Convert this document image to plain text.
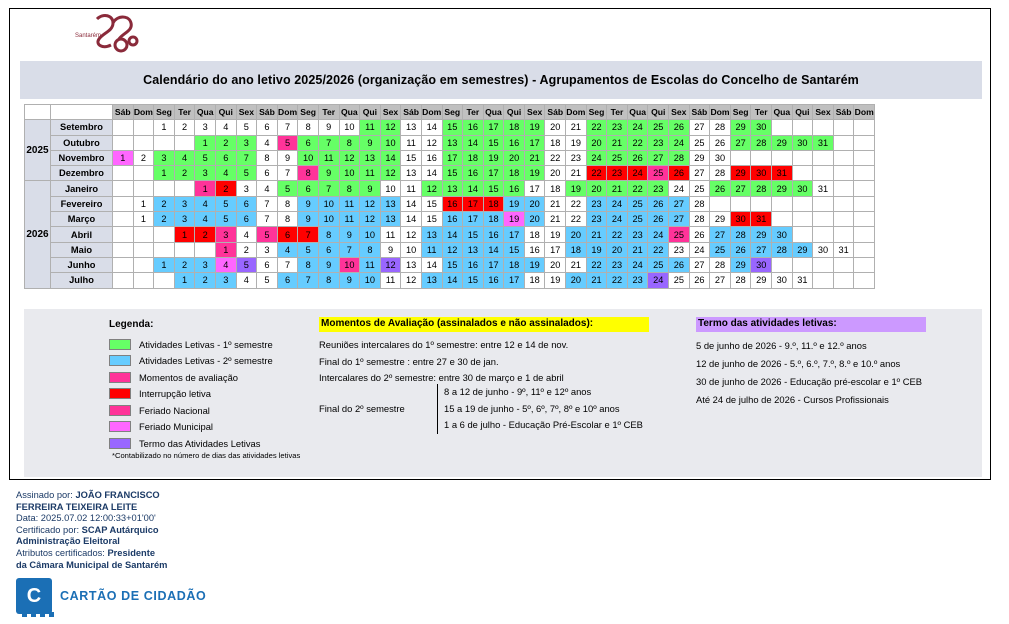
Santarém
Calendário do ano letivo 2025/2026 (organização em semestres) - Agrupamentos de Escolas do Concelho de Santarém
		Sáb	Dom	Seg	Ter	Qua	Qui	Sex	Sáb	Dom	Seg	Ter	Qua	Qui	Sex	Sáb	Dom	Seg	Ter	Qua	Qui	Sex	Sáb	Dom	Seg	Ter	Qua	Qui	Sex	Sáb	Dom	Seg	Ter	Qua	Qui	Sex	Sáb	Dom
2025	Setembro			1	2	3	4	5	6	7	8	9	10	11	12	13	14	15	16	17	18	19	20	21	22	23	24	25	26	27	28	29	30					
	Outubro					1	2	3	4	5	6	7	8	9	10	11	12	13	14	15	16	17	18	19	20	21	22	23	24	25	26	27	28	29	30	31		
	Novembro	1	2	3	4	5	6	7	8	9	10	11	12	13	14	15	16	17	18	19	20	21	22	23	24	25	26	27	28	29	30							
	Dezembro			1	2	3	4	5	6	7	8	9	10	11	12	13	14	15	16	17	18	19	20	21	22	23	24	25	26	27	28	29	30	31				
2026	Janeiro					1	2	3	4	5	6	7	8	9	10	11	12	13	14	15	16	17	18	19	20	21	22	23	24	25	26	27	28	29	30	31		
	Fevereiro		1	2	3	4	5	6	7	8	9	10	11	12	13	14	15	16	17	18	19	20	21	22	23	24	25	26	27	28								
	Março		1	2	3	4	5	6	7	8	9	10	11	12	13	14	15	16	17	18	19	20	21	22	23	24	25	26	27	28	29	30	31					
	Abril				1	2	3	4	5	6	7	8	9	10	11	12	13	14	15	16	17	18	19	20	21	22	23	24	25	26	27	28	29	30				
	Maio						1	2	3	4	5	6	7	8	9	10	11	12	13	14	15	16	17	18	19	20	21	22	23	24	25	26	27	28	29	30	31	
	Junho			1	2	3	4	5	6	7	8	9	10	11	12	13	14	15	16	17	18	19	20	21	22	23	24	25	26	27	28	29	30					
	Julho				1	2	3	4	5	6	7	8	9	10	11	12	13	14	15	16	17	18	19	20	21	22	23	24	25	26	27	28	29	30	31			
Legenda:
Atividades Letivas - 1º semestre
Atividades Letivas - 2º semestre
Momentos de avaliação
Interrupção letiva
Feriado Nacional
Feriado Municipal
Termo das Atividades Letivas
*Contabilizado no número de dias das atividades letivas
Momentos de Avaliação (assinalados e não assinalados):
Reuniões intercalares do 1º semestre: entre 12 e 14 de nov.
Final do 1º semestre : entre 27 e 30 de jan.
Intercalares do 2º semestre: entre 30 de março e 1 de abril
Final do 2º semestre
8 a 12 de junho - 9º, 11º e 12º anos
15 a 19 de junho - 5º, 6º, 7º, 8º e 10º anos
1 a 6 de julho - Educação Pré-Escolar e 1º CEB
Termo das atividades letivas:
5 de junho de 2026 - 9.º, 11.º e 12.º anos
12 de junho de 2026 - 5.º, 6.º, 7.º, 8.º e 10.º anos
30 de junho de 2026 - Educação pré-escolar e 1º CEB
Até 24 de julho de 2026 - Cursos Profissionais
Assinado por: JOÃO FRANCISCO
FERREIRA TEIXEIRA LEITE
Data: 2025.07.02 12:00:33+01'00'
Certificado por: SCAP Autárquico
Administração Eleitoral
Atributos certificados: Presidente
da Câmara Municipal de Santarém
C	CARTÃO DE CIDADÃO
